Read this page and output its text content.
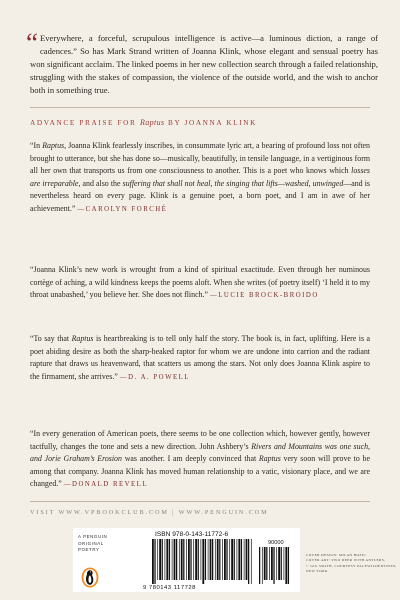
“ Everywhere, a forceful, scrupulous intelligence is active—a luminous diction, a range of cadences.” So has Mark Strand written of Joanna Klink, whose elegant and sensual poetry has won significant acclaim. The linked poems in her new collection search through a failed relationship, struggling with the stakes of compassion, the violence of the outside world, and the wish to anchor both in something true.
ADVANCE PRAISE FOR Raptus BY JOANNA KLINK
“In Raptus, Joanna Klink fearlessly inscribes, in consummate lyric art, a bearing of profound loss not often brought to utterance, but she has done so—musically, beautifully, in tensile language, in a vertiginous form all her own that transports us from one consciousness to another. This is a poet who knows which losses are irreparable, and also the suffering that shall not heal, the singing that lifts—washed, unwinged—and is nevertheless heard on every page. Klink is a genuine poet, a born poet, and I am in awe of her achievement.” —CAROLYN FORCHÉ
“Joanna Klink’s new work is wrought from a kind of spiritual exactitude. Even through her numinous cortège of aching, a wild kindness keeps the poems aloft. When she writes (of poetry itself) ‘I held it to my throat unabashed,’ you believe her. She does not flinch.” —LUCIE BROCK-BROIDO
“To say that Raptus is heartbreaking is to tell only half the story. The book is, in fact, uplifting. Here is a poet abiding desire as both the sharp-beaked raptor for whom we are undone into carrion and the radiant rapture that draws us heavenward, that scatters us among the stars. Not only does Joanna Klink aspire to the firmament, she arrives.” —D. A. POWELL
“In every generation of American poets, there seems to be one collection which, however gently, however tactfully, changes the tone and sets a new direction. John Ashbery’s Rivers and Mountains was one such, and Jorie Graham’s Erosion was another. I am deeply convinced that Raptus very soon will prove to be among that company. Joanna Klink has moved human relationship to a vatic, visionary place, and we are changed.” —DONALD REVELL
VISIT WWW.VPBOOKCLUB.COM | WWW.PENGUIN.COM
A PENGUIN
ORIGINAL
POETRY
ISBN 978-0-143-11772-6
90000
9 780143 117728
COVER DESIGN: MILAN BOZIC
COVER ART: TWO DEER WITH ANTLERS,
© GIG SMITH, COURTESY PACEWILDENSTEIN,
NEW YORK
